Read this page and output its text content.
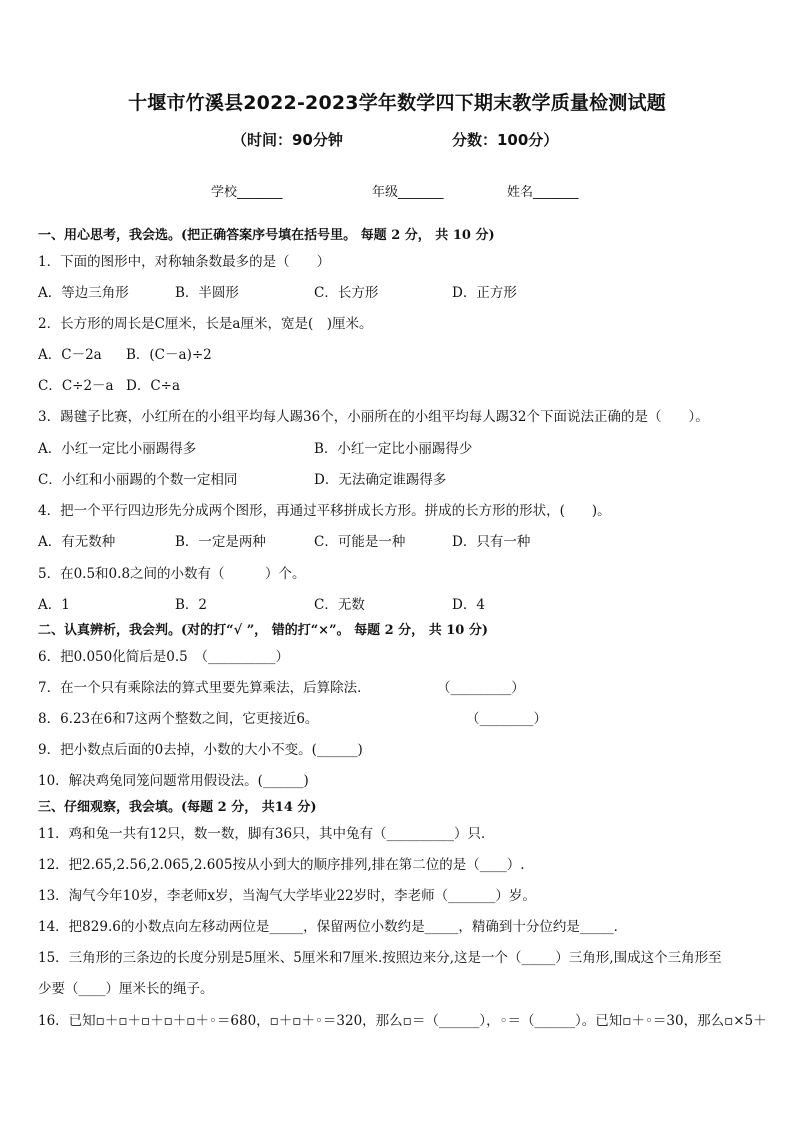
十堰市竹溪县2022-2023学年数学四下期末教学质量检测试题
（时间：90分钟	分数：100分）
学校_______	年级_______	姓名_______
一、用心思考，我会选。(把正确答案序号填在括号里。 每题 2 分， 共 10 分)
1．下面的图形中，对称轴条数最多的是（　　）
A．等边三角形	B．半圆形	C．长方形	D．正方形
2．长方形的周长是C厘米，长是a厘米，宽是(　)厘米。
A．C－2a B．(C－a)÷2
C．C÷2－a D．C÷a
3．踢毽子比赛，小红所在的小组平均每人踢36个，小丽所在的小组平均每人踢32个下面说法正确的是（　　）。
A．小红一定比小丽踢得多	B．小红一定比小丽踢得少
C．小红和小丽踢的个数一定相同	D．无法确定谁踢得多
4．把一个平行四边形先分成两个图形，再通过平移拼成长方形。拼成的长方形的形状，(　　)。
A．有无数种	B．一定是两种	C．可能是一种	D．只有一种
5．在0.5和0.8之间的小数有（　　　）个。
A．1	B．2	C．无数	D．4
二、认真辨析，我会判。(对的打“√ ”， 错的打“×”。 每题 2 分， 共 10 分)
6．把0.050化简后是0.5　（__________）
7．在一个只有乘除法的算式里要先算乘法，后算除法．	（_________）
8．6.23在6和7这两个整数之间，它更接近6。	（________）
9．把小数点后面的0去掉，小数的大小不变。(______)
10．解决鸡兔同笼问题常用假设法。(______)
三、仔细观察，我会填。(每题 2 分， 共14 分)
11．鸡和兔一共有12只，数一数，脚有36只，其中兔有（__________）只．
12．把2.65,2.56,2.065,2.605按从小到大的顺序排列,排在第二位的是（____）.
13．淘气今年10岁，李老师x岁，当淘气大学毕业22岁时，李老师（_______）岁。
14．把829.6的小数点向左移动两位是_____，保留两位小数约是_____，精确到十分位约是_____．
15．三角形的三条边的长度分别是5厘米、5厘米和7厘米.按照边来分,这是一个（_____）三角形,围成这个三角形至
少要（____）厘米长的绳子。
16．已知▫＋▫＋▫＋▫＋▫＋◦＝680，▫＋▫＋◦＝320，那么▫＝（______），◦＝（______）。已知▫＋◦＝30，那么▫×5＋
